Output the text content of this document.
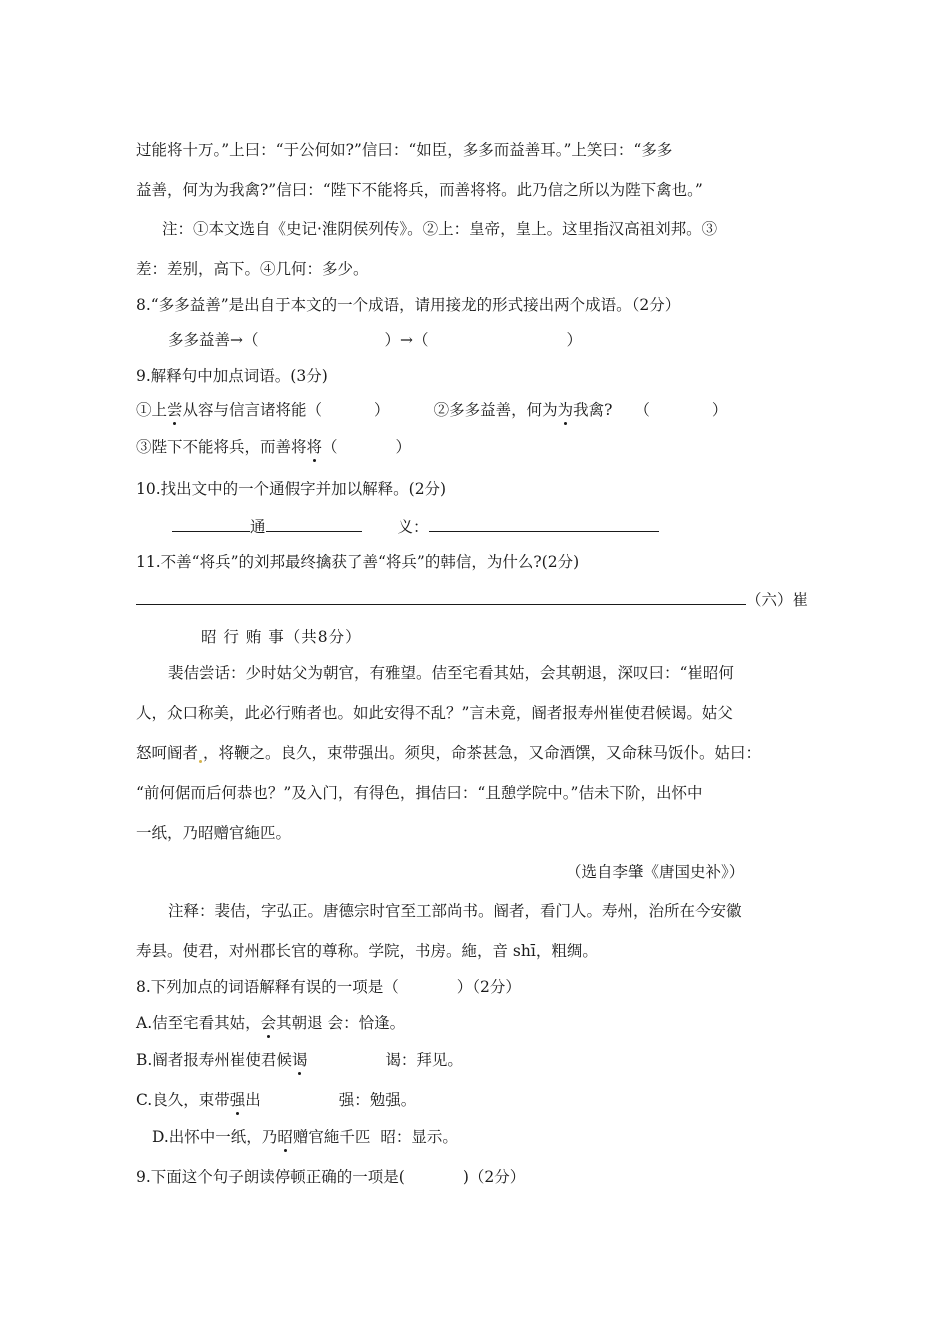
过能将十万。”上曰：“于公何如?”信曰：“如臣，多多而益善耳。”上笑曰：“多多
益善，何为为我禽?”信曰：“陛下不能将兵，而善将将。此乃信之所以为陛下禽也。”
注：①本文选自《史记·淮阴侯列传》。②上：皇帝，皇上。这里指汉高祖刘邦。③
差：差别，高下。④几何：多少。
8.“多多益善”是出自于本文的一个成语，请用接龙的形式接出两个成语。（2分）
多多益善→（	）→（	）
9.解释句中加点词语。(3分)
①上尝从容与信言诸将能（	）	②多多益善，何为为我禽? （	）
③陛下不能将兵，而善将将（	）
10.找出文中的一个通假字并加以解释。(2分)
通	义：
11.不善“将兵”的刘邦最终擒获了善“将兵”的韩信，为什么?(2分)
（六）崔
昭 行 贿 事（共8分）
裴佶尝话：少时姑父为朝官，有雅望。佶至宅看其姑，会其朝退，深叹曰：“崔昭何
人，众口称美，此必行贿者也。如此安得不乱？”言未竟，阍者报寿州崔使君候谒。姑父
怒呵阍者 ，将鞭之。良久，束带强出。须臾，命茶甚急，又命酒馔，又命秣马饭仆。姑曰：
“前何倨而后何恭也？”及入门，有得色，揖佶曰：“且憩学院中。”佶未下阶，出怀中
一纸，乃昭赠官絁匹。
（选自李肇《唐国史补》）
注释：裴佶，字弘正。唐德宗时官至工部尚书。阍者，看门人。寿州，治所在今安徽
寿县。使君，对州郡长官的尊称。学院，书房。絁，音 shī，粗绸。
8.下列加点的词语解释有误的一项是（	）（2分）
A.佶至宅看其姑，会其朝退 会：恰逢。
B.阍者报寿州崔使君候谒	谒：拜见。
C.良久，束带强出	强：勉强。
D.出怀中一纸，乃昭赠官絁千匹 昭：显示。
9.下面这个句子朗读停顿正确的一项是(	)（2分）
